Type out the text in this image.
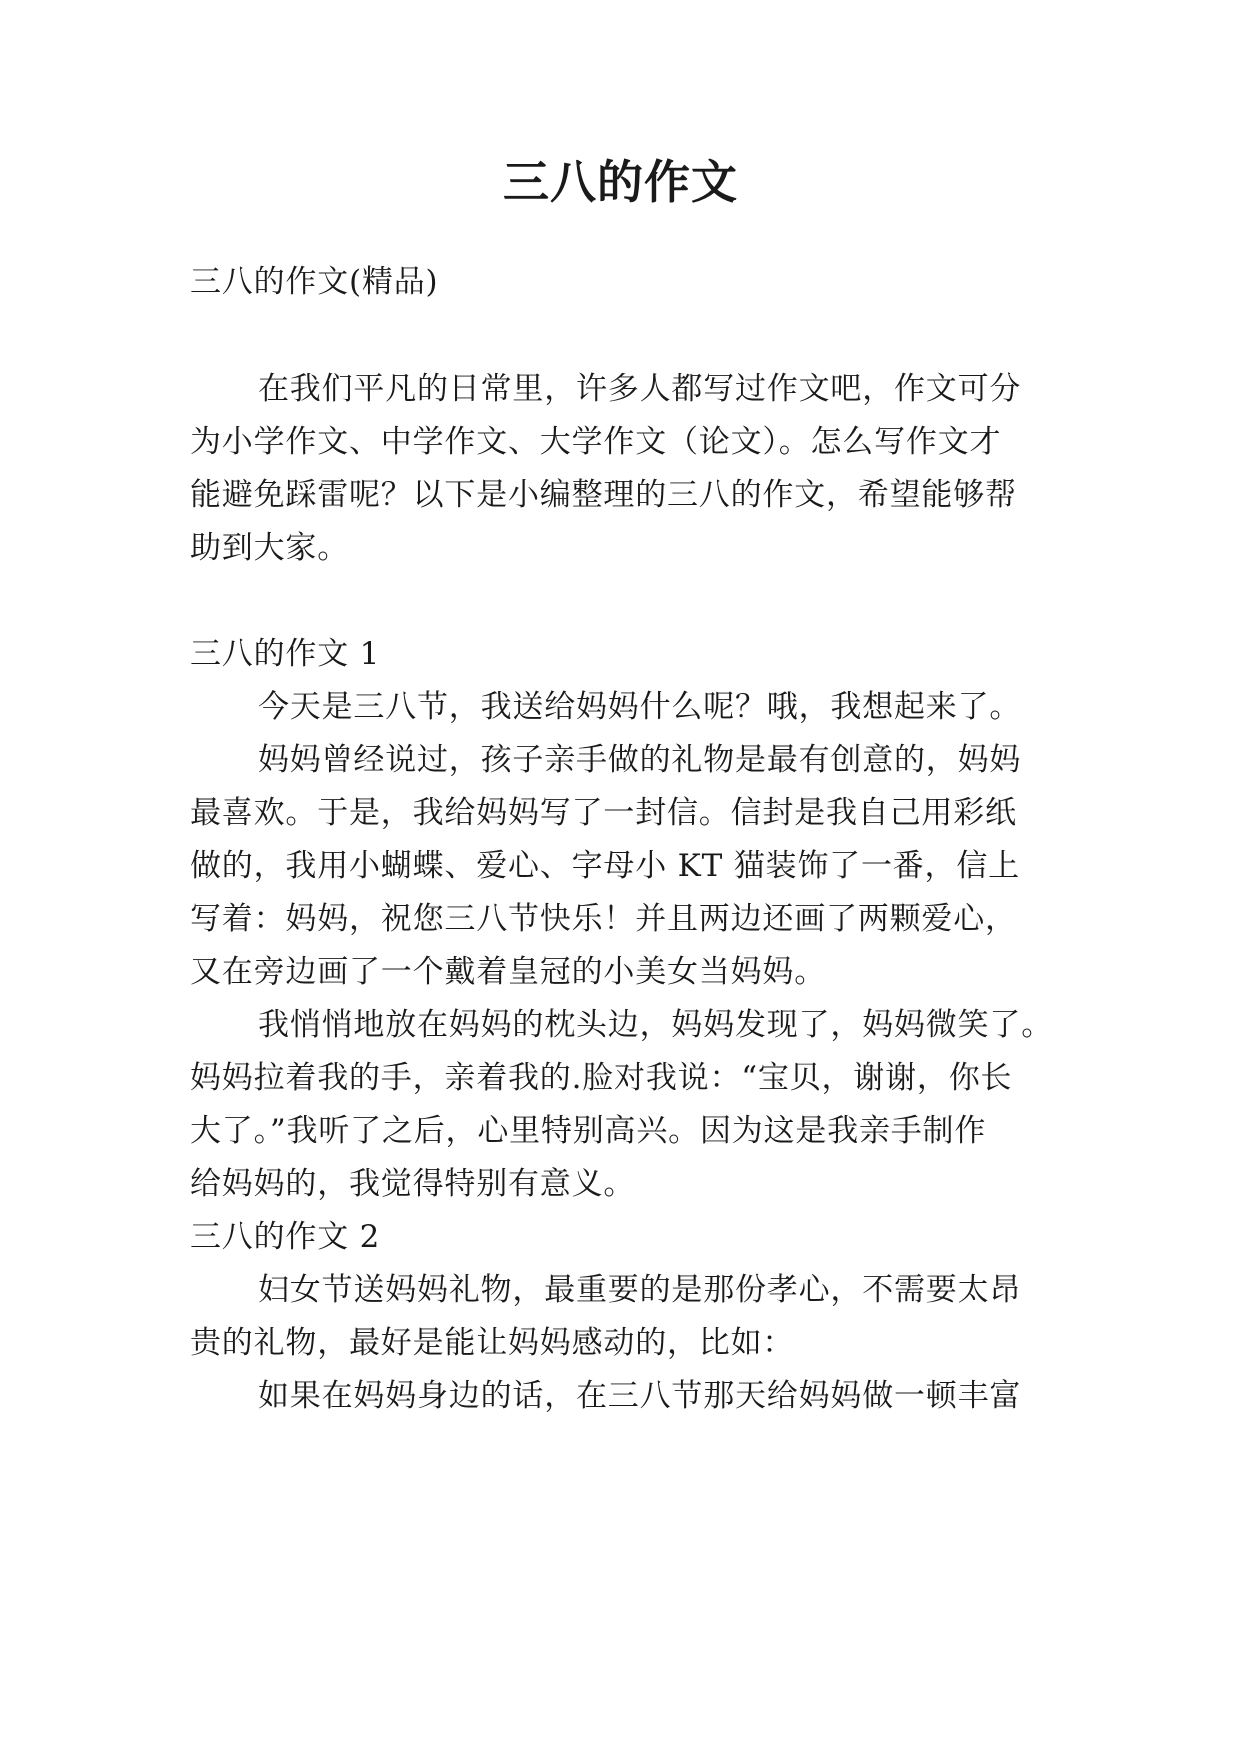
三八的作文

三八的作文(精品)

在我们平凡的日常里，许多人都写过作文吧，作文可分

为小学作文、中学作文、大学作文（论文）。怎么写作文才

能避免踩雷呢？以下是小编整理的三八的作文，希望能够帮

助到大家。

三八的作文 1

今天是三八节，我送给妈妈什么呢？哦，我想起来了。

妈妈曾经说过，孩子亲手做的礼物是最有创意的，妈妈

最喜欢。于是，我给妈妈写了一封信。信封是我自己用彩纸

做的，我用小蝴蝶、爱心、字母小 KT 猫装饰了一番，信上

写着：妈妈，祝您三八节快乐！并且两边还画了两颗爱心，

又在旁边画了一个戴着皇冠的小美女当妈妈。

我悄悄地放在妈妈的枕头边，妈妈发现了，妈妈微笑了。

妈妈拉着我的手，亲着我的.脸对我说：“宝贝，谢谢，你长

大了。”我听了之后，心里特别高兴。因为这是我亲手制作

给妈妈的，我觉得特别有意义。

三八的作文 2

妇女节送妈妈礼物，最重要的是那份孝心，不需要太昂

贵的礼物，最好是能让妈妈感动的，比如：

如果在妈妈身边的话，在三八节那天给妈妈做一顿丰富
